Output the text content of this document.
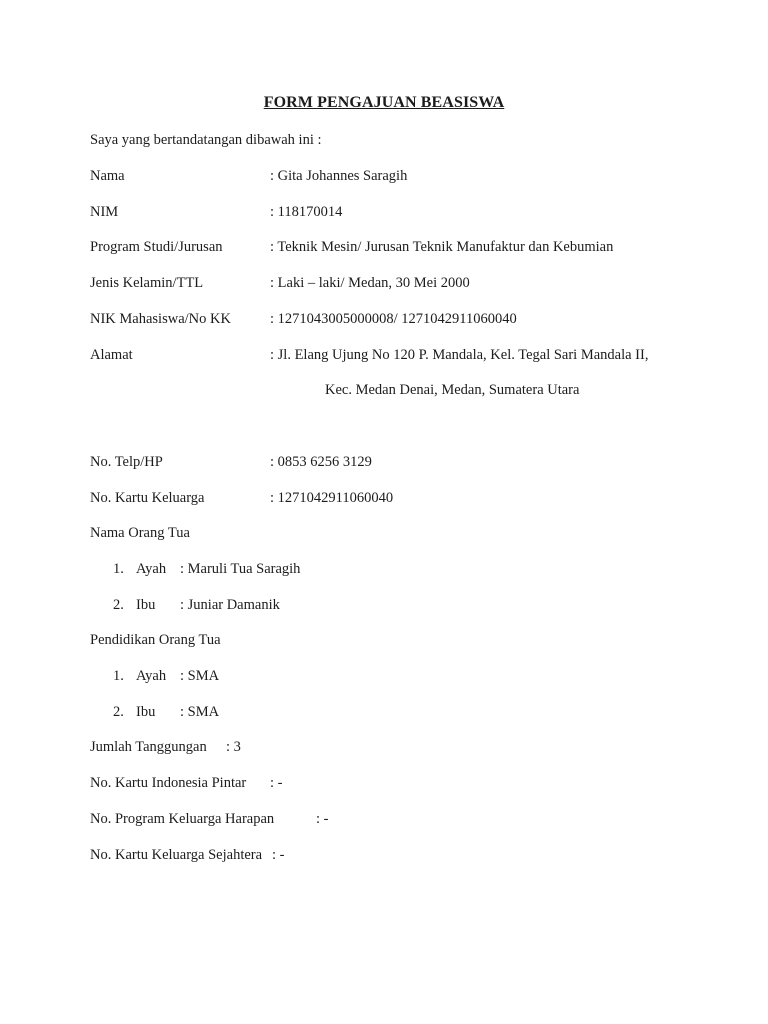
FORM PENGAJUAN BEASISWA
Saya yang bertandatangan dibawah ini :
Nama	: Gita Johannes Saragih
NIM	: 118170014
Program Studi/Jurusan	: Teknik Mesin/ Jurusan Teknik Manufaktur dan Kebumian
Jenis Kelamin/TTL	: Laki – laki/ Medan, 30 Mei 2000
NIK Mahasiswa/No KK	: 1271043005000008/ 1271042911060040
Alamat	: Jl. Elang Ujung No 120 P. Mandala, Kel. Tegal Sari Mandala II,
Kec. Medan Denai, Medan, Sumatera Utara
No. Telp/HP	: 0853 6256 3129
No. Kartu Keluarga	: 1271042911060040
Nama Orang Tua
1. Ayah : Maruli Tua Saragih
2. Ibu : Juniar Damanik
Pendidikan Orang Tua
1. Ayah : SMA
2. Ibu : SMA
Jumlah Tanggungan : 3
No. Kartu Indonesia Pintar : -
No. Program Keluarga Harapan	: -
No. Kartu Keluarga Sejahtera : -
